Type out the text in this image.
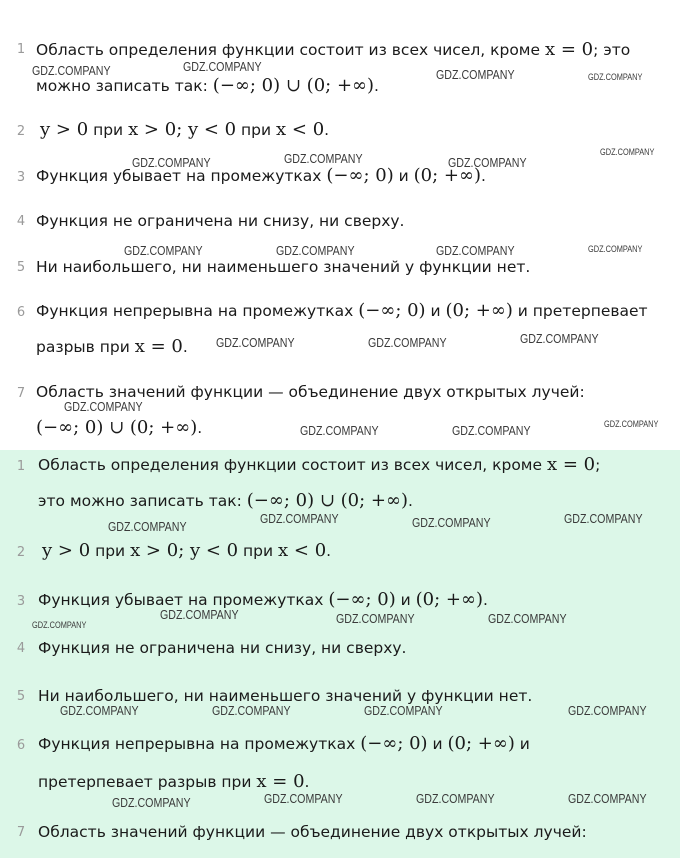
1 Область определения функции состоит из всех чисел, кроме x = 0; это
можно записать так: (−∞; 0) ∪ (0; +∞).
2 y > 0 при x > 0; y < 0 при x < 0.
3 Функция убывает на промежутках (−∞; 0) и (0; +∞).
4 Функция не ограничена ни снизу, ни сверху.
5 Ни наибольшего, ни наименьшего значений у функции нет.
6 Функция непрерывна на промежутках (−∞; 0) и (0; +∞) и претерпевает
разрыв при x = 0.
7 Область значений функции — объединение двух открытых лучей:
(−∞; 0) ∪ (0; +∞).
1 Область определения функции состоит из всех чисел, кроме x = 0;
это можно записать так: (−∞; 0) ∪ (0; +∞).
2 y > 0 при x > 0; y < 0 при x < 0.
3 Функция убывает на промежутках (−∞; 0) и (0; +∞).
4 Функция не ограничена ни снизу, ни сверху.
5 Ни наибольшего, ни наименьшего значений у функции нет.
6 Функция непрерывна на промежутках (−∞; 0) и (0; +∞) и
претерпевает разрыв при x = 0.
7 Область значений функции — объединение двух открытых лучей:
GDZ.COMPANY	GDZ.COMPANY
GDZ.COMPANY	GDZ.COMPANY
GDZ.COMPANY
GDZ.COMPANY	GDZ.COMPANY	GDZ.COMPANY
GDZ.COMPANY	GDZ.COMPANY	GDZ.COMPANY	GDZ.COMPANY
GDZ.COMPANY	GDZ.COMPANY	GDZ.COMPANY
GDZ.COMPANY
GDZ.COMPANY	GDZ.COMPANY	GDZ.COMPANY
GDZ.COMPANY
GDZ.COMPANY	GDZ.COMPANY	GDZ.COMPANY
GDZ.COMPANY
GDZ.COMPANY	GDZ.COMPANY	GDZ.COMPANY
GDZ.COMPANY	GDZ.COMPANY	GDZ.COMPANY	GDZ.COMPANY
GDZ.COMPANY	GDZ.COMPANY	GDZ.COMPANY	GDZ.COMPANY
